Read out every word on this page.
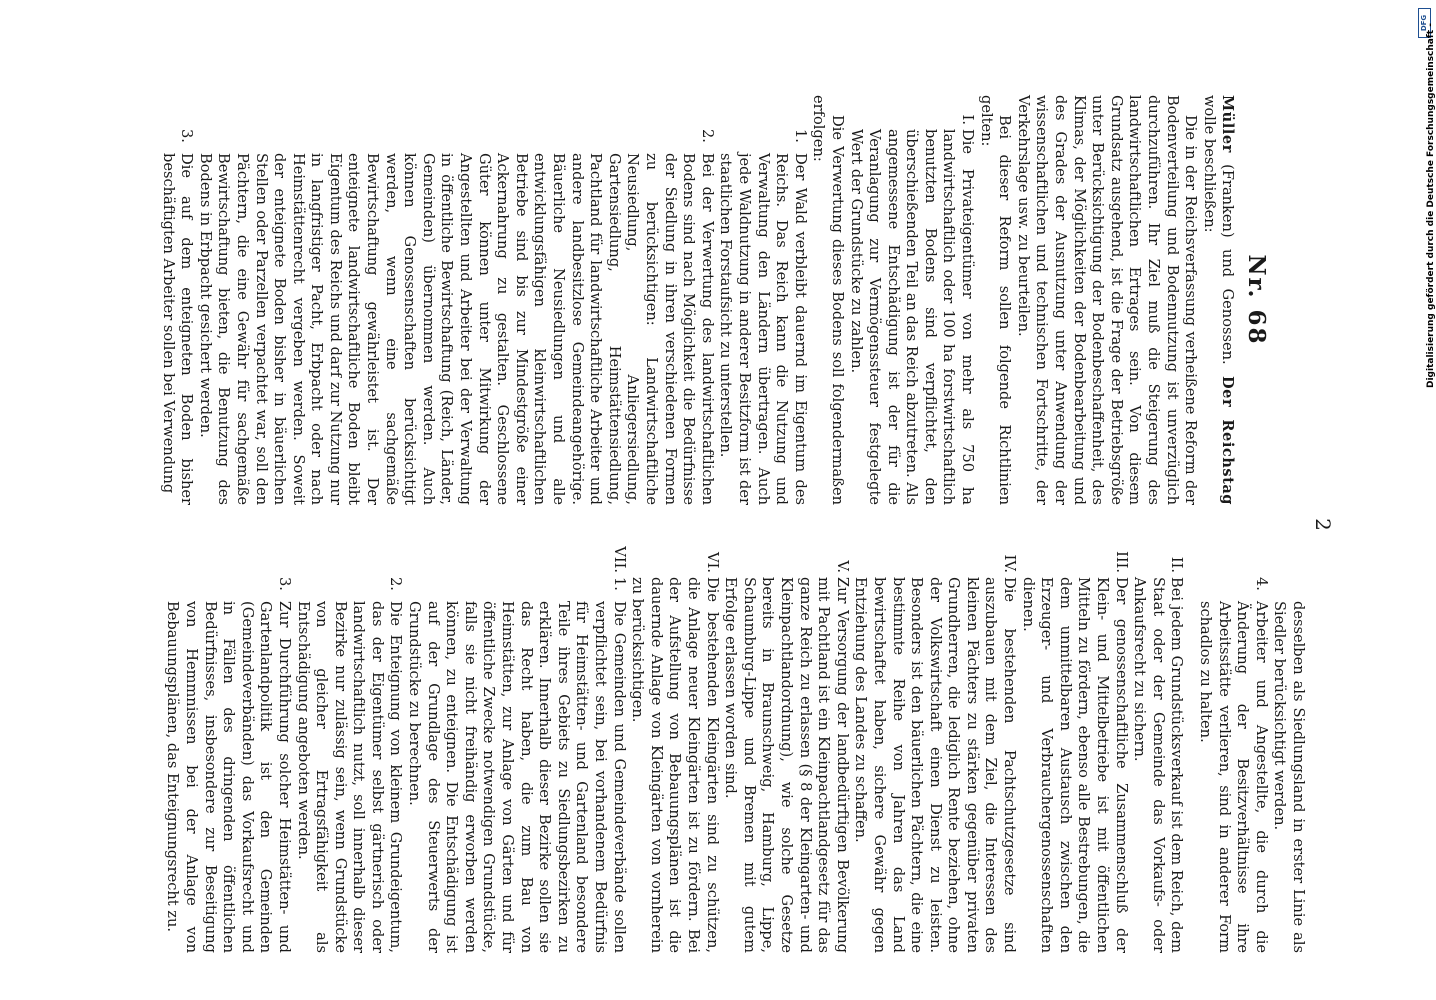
2
Nr. 68

Müller (Franken) und Genossen. Der Reichstag wolle beschließen:

Die in der Reichsverfassung verheißene Reform der Bodenverteilung und Bodennutzung ist unverzüglich durchzuführen. Ihr Ziel muß die Steigerung des landwirtschaftlichen Ertrages sein. Von diesem Grundsatz ausgehend, ist die Frage der Betriebsgröße unter Berücksichtigung der Bodenbeschaffenheit, des Klimas, der Möglichkeiten der Bodenbearbeitung und des Grades der Ausnutzung unter Anwendung der wissenschaftlichen und technischen Fortschritte, der Verkehrslage usw. zu beurteilen.

Bei dieser Reform sollen folgende Richtlinien gelten:

I.
Die Privateigentümer von mehr als 750 ha landwirtschaftlich oder 100 ha forstwirtschaftlich benutzten Bodens sind verpflichtet, den überschießenden Teil an das Reich abzutreten. Als angemessene Entschädigung ist der für die Veranlagung zur Vermögenssteuer festgelegte Wert der Grundstücke zu zahlen.

Die Verwertung dieses Bodens soll folgendermaßen erfolgen:

1.
Der Wald verbleibt dauernd im Eigentum des Reichs. Das Reich kann die Nutzung und Verwaltung den Ländern übertragen. Auch jede Waldnutzung in anderer Besitzform ist der staatlichen Forstaufsicht zu unterstellen.

2.
Bei der Verwertung des landwirtschaftlichen Bodens sind nach Möglichkeit die Bedürfnisse der Siedlung in ihren verschiedenen Formen zu berücksichtigen: Landwirtschaftliche Neusiedlung, Anliegersiedlung, Gartensiedlung, Heimstättensiedlung, Pachtland für landwirtschaftliche Arbeiter und andere landbesitzlose Gemeindeangehörige. Bäuerliche Neusiedlungen und alle entwicklungsfähigen kleinwirtschaftlichen Betriebe sind bis zur Mindestgröße einer Ackernahrung zu gestalten. Geschlossene Güter können unter Mitwirkung der Angestellten und Arbeiter bei der Verwaltung in öffentliche Bewirtschaftung (Reich, Länder, Gemeinden) übernommen werden. Auch können Genossenschaften berücksichtigt werden, wenn eine sachgemäße Bewirtschaftung gewährleistet ist. Der enteignete landwirtschaftliche Boden bleibt Eigentum des Reichs und darf zur Nutzung nur in langfristiger Pacht, Erbpacht oder nach Heimstättenrecht vergeben werden. Soweit der enteignete Boden bisher in bäuerlichen Stellen oder Parzellen verpachtet war, soll den Pächtern, die eine Gewähr für sachgemäße Bewirtschaftung bieten, die Benutzung des Bodens in Erbpacht gesichert werden.

3.
Die auf dem enteigneten Boden bisher beschäftigten Arbeiter sollen bei Verwendung

desselben als Siedlungsland in erster Linie als Siedler berücksichtigt werden.

4.
Arbeiter und Angestellte, die durch die Änderung der Besitzverhältnisse ihre Arbeitsstätte verlieren, sind in anderer Form schadlos zu halten.

II.
Bei jedem Grundstücksverkauf ist dem Reich, dem Staat oder der Gemeinde das Vorkaufs- oder Ankaufsrecht zu sichern.

III.
Der genossenschaftliche Zusammenschluß der Klein- und Mittelbetriebe ist mit öffentlichen Mitteln zu fördern, ebenso alle Bestrebungen, die dem unmittelbaren Austausch zwischen den Erzeuger- und Verbrauchergenossenschaften dienen.

IV.
Die bestehenden Pachtschutzgesetze sind auszubauen mit dem Ziel, die Interessen des kleinen Pächters zu stärken gegenüber privaten Grundherren, die lediglich Rente beziehen, ohne der Volkswirtschaft einen Dienst zu leisten. Besonders ist den bäuerlichen Pächtern, die eine bestimmte Reihe von Jahren das Land bewirtschaftet haben, sichere Gewähr gegen Entziehung des Landes zu schaffen.

V.
Zur Versorgung der landbedürftigen Bevölkerung mit Pachtland ist ein Kleinpachtlandgesetz für das ganze Reich zu erlassen (§ 8 der Kleingarten- und Kleinpachtlandordnung), wie solche Gesetze bereits in Braunschweig, Hamburg, Lippe, Schaumburg-Lippe und Bremen mit gutem Erfolge erlassen worden sind.

VI.
Die bestehenden Kleingärten sind zu schützen, die Anlage neuer Kleingärten ist zu fördern. Bei der Aufstellung von Bebauungsplänen ist die dauernde Anlage von Kleingärten von vornherein zu berücksichtigen.

VII.

1.
Die Gemeinden und Gemeindeverbände sollen verpflichtet sein, bei vorhandenem Bedürfnis für Heimstätten- und Gartenland besondere Teile ihres Gebiets zu Siedlungsbezirken zu erklären. Innerhalb dieser Bezirke sollen sie das Recht haben, die zum Bau von Heimstätten, zur Anlage von Gärten und für öffentliche Zwecke notwendigen Grundstücke, falls sie nicht freihändig erworben werden können, zu enteignen. Die Entschädigung ist auf der Grundlage des Steuerwerts der Grundstücke zu berechnen.

2.
Die Enteignung von kleinem Grundeigentum, das der Eigentümer selbst gärtnerisch oder landwirtschaftlich nutzt, soll innerhalb dieser Bezirke nur zulässig sein, wenn Grundstücke von gleicher Ertragsfähigkeit als Entschädigung angeboten werden.

3.
Zur Durchführung solcher Heimstätten- und Gartenlandpolitik ist den Gemeinden (Gemeindeverbänden) das Vorkaufsrecht und in Fällen des dringenden öffentlichen Bedürfnisses, insbesondere zur Beseitigung von Hemmnissen bei der Anlage von Bebauungsplänen, das Enteignungsrecht zu.

DFG
Digitalisierung gefördert durch die Deutsche Forschungsgemeinschaft -
